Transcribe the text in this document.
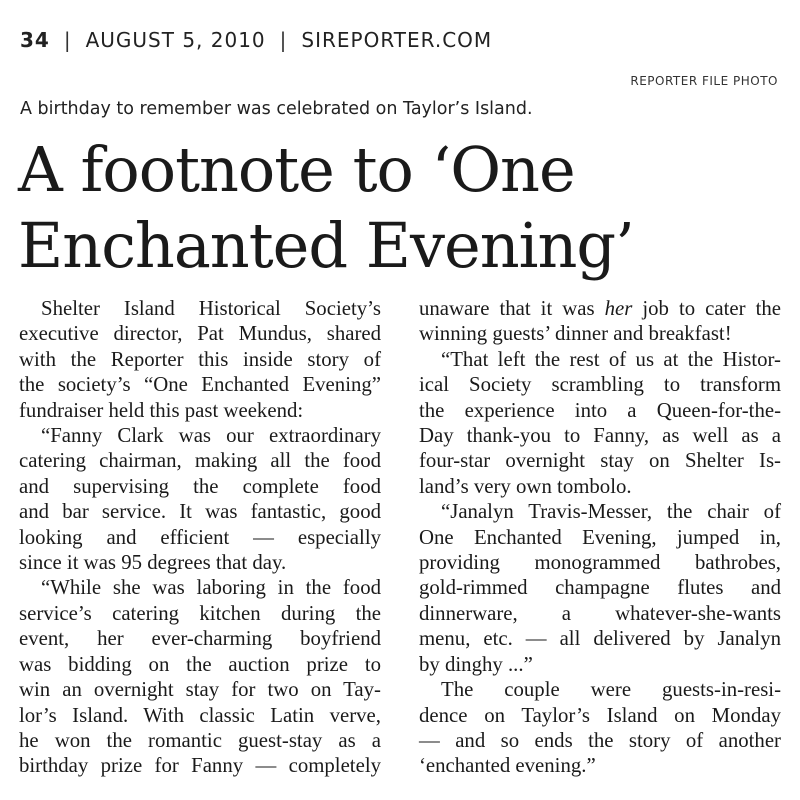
34 | AUGUST 5, 2010 | SIREPORTER.COM
REPORTER FILE PHOTO
A birthday to remember was celebrated on Taylor’s Island.
A footnote to ‘One
Enchanted Evening’
Shelter Island Historical Society’s
executive director, Pat Mundus, shared
with the Reporter this inside story of
the society’s “One Enchanted Evening”
fundraiser held this past weekend:
“Fanny Clark was our extraordinary
catering chairman, making all the food
and supervising the complete food
and bar service. It was fantastic, good
looking and efficient — especially
since it was 95 degrees that day.
“While she was laboring in the food
service’s catering kitchen during the
event, her ever-charming boyfriend
was bidding on the auction prize to
win an overnight stay for two on Tay-
lor’s Island. With classic Latin verve,
he won the romantic guest-stay as a
birthday prize for Fanny — completely
unaware that it was her job to cater the
winning guests’ dinner and breakfast!
“That left the rest of us at the Histor-
ical Society scrambling to transform
the experience into a Queen-for-the-
Day thank-you to Fanny, as well as a
four-star overnight stay on Shelter Is-
land’s very own tombolo.
“Janalyn Travis-Messer, the chair of
One Enchanted Evening, jumped in,
providing monogrammed bathrobes,
gold-rimmed champagne flutes and
dinnerware, a whatever-she-wants
menu, etc. — all delivered by Janalyn
by dinghy ...”
The couple were guests-in-resi-
dence on Taylor’s Island on Monday
— and so ends the story of another
‘enchanted evening.”
